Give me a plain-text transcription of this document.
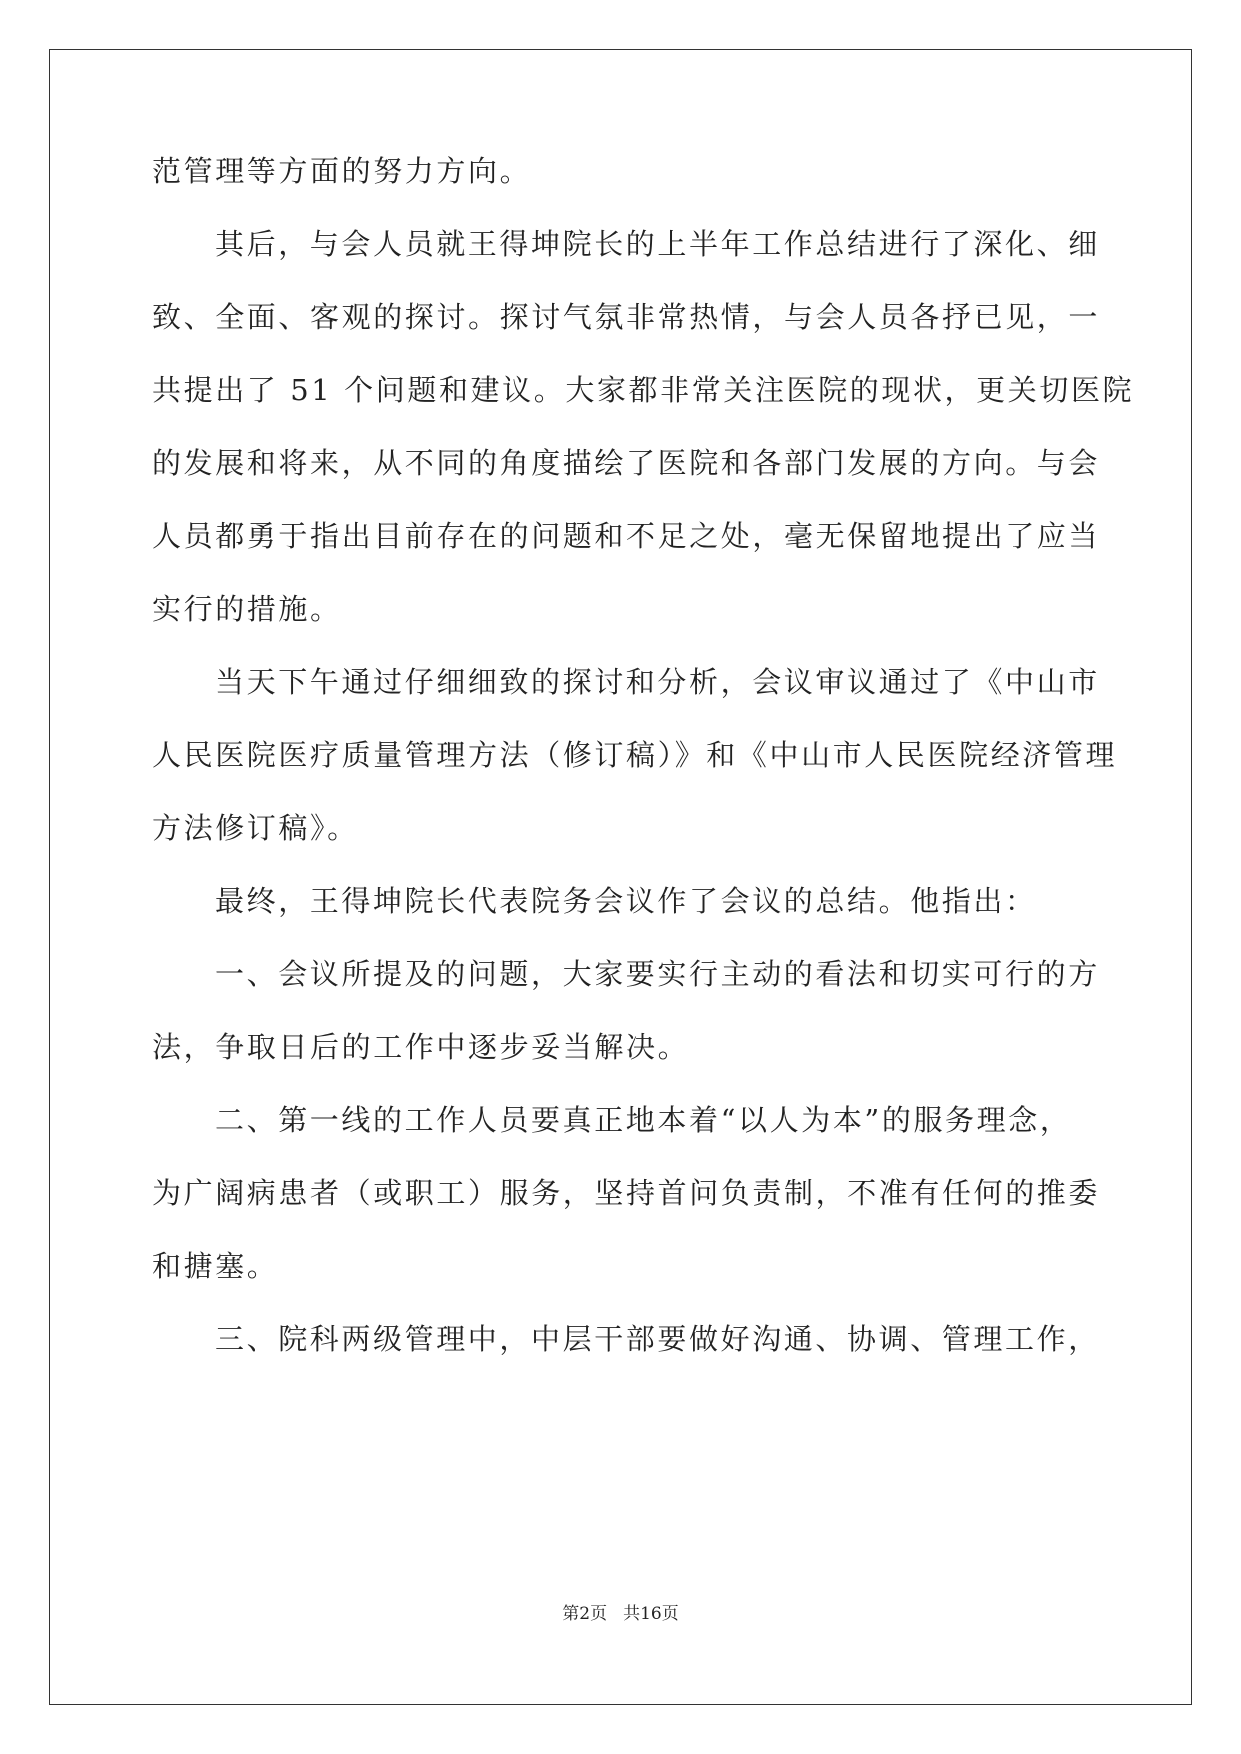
范管理等方面的努力方向。
其后，与会人员就王得坤院长的上半年工作总结进行了深化、细
致、全面、客观的探讨。探讨气氛非常热情，与会人员各抒已见，一
共提出了 51 个问题和建议。大家都非常关注医院的现状，更关切医院
的发展和将来，从不同的角度描绘了医院和各部门发展的方向。与会
人员都勇于指出目前存在的问题和不足之处，毫无保留地提出了应当
实行的措施。
当天下午通过仔细细致的探讨和分析，会议审议通过了《中山市
人民医院医疗质量管理方法（修订稿）》和《中山市人民医院经济管理
方法修订稿》。
最终，王得坤院长代表院务会议作了会议的总结。他指出：
一、会议所提及的问题，大家要实行主动的看法和切实可行的方
法，争取日后的工作中逐步妥当解决。
二、第一线的工作人员要真正地本着“以人为本”的服务理念，
为广阔病患者（或职工）服务，坚持首问负责制，不准有任何的推委
和搪塞。
三、院科两级管理中，中层干部要做好沟通、协调、管理工作，
第2页 共16页
